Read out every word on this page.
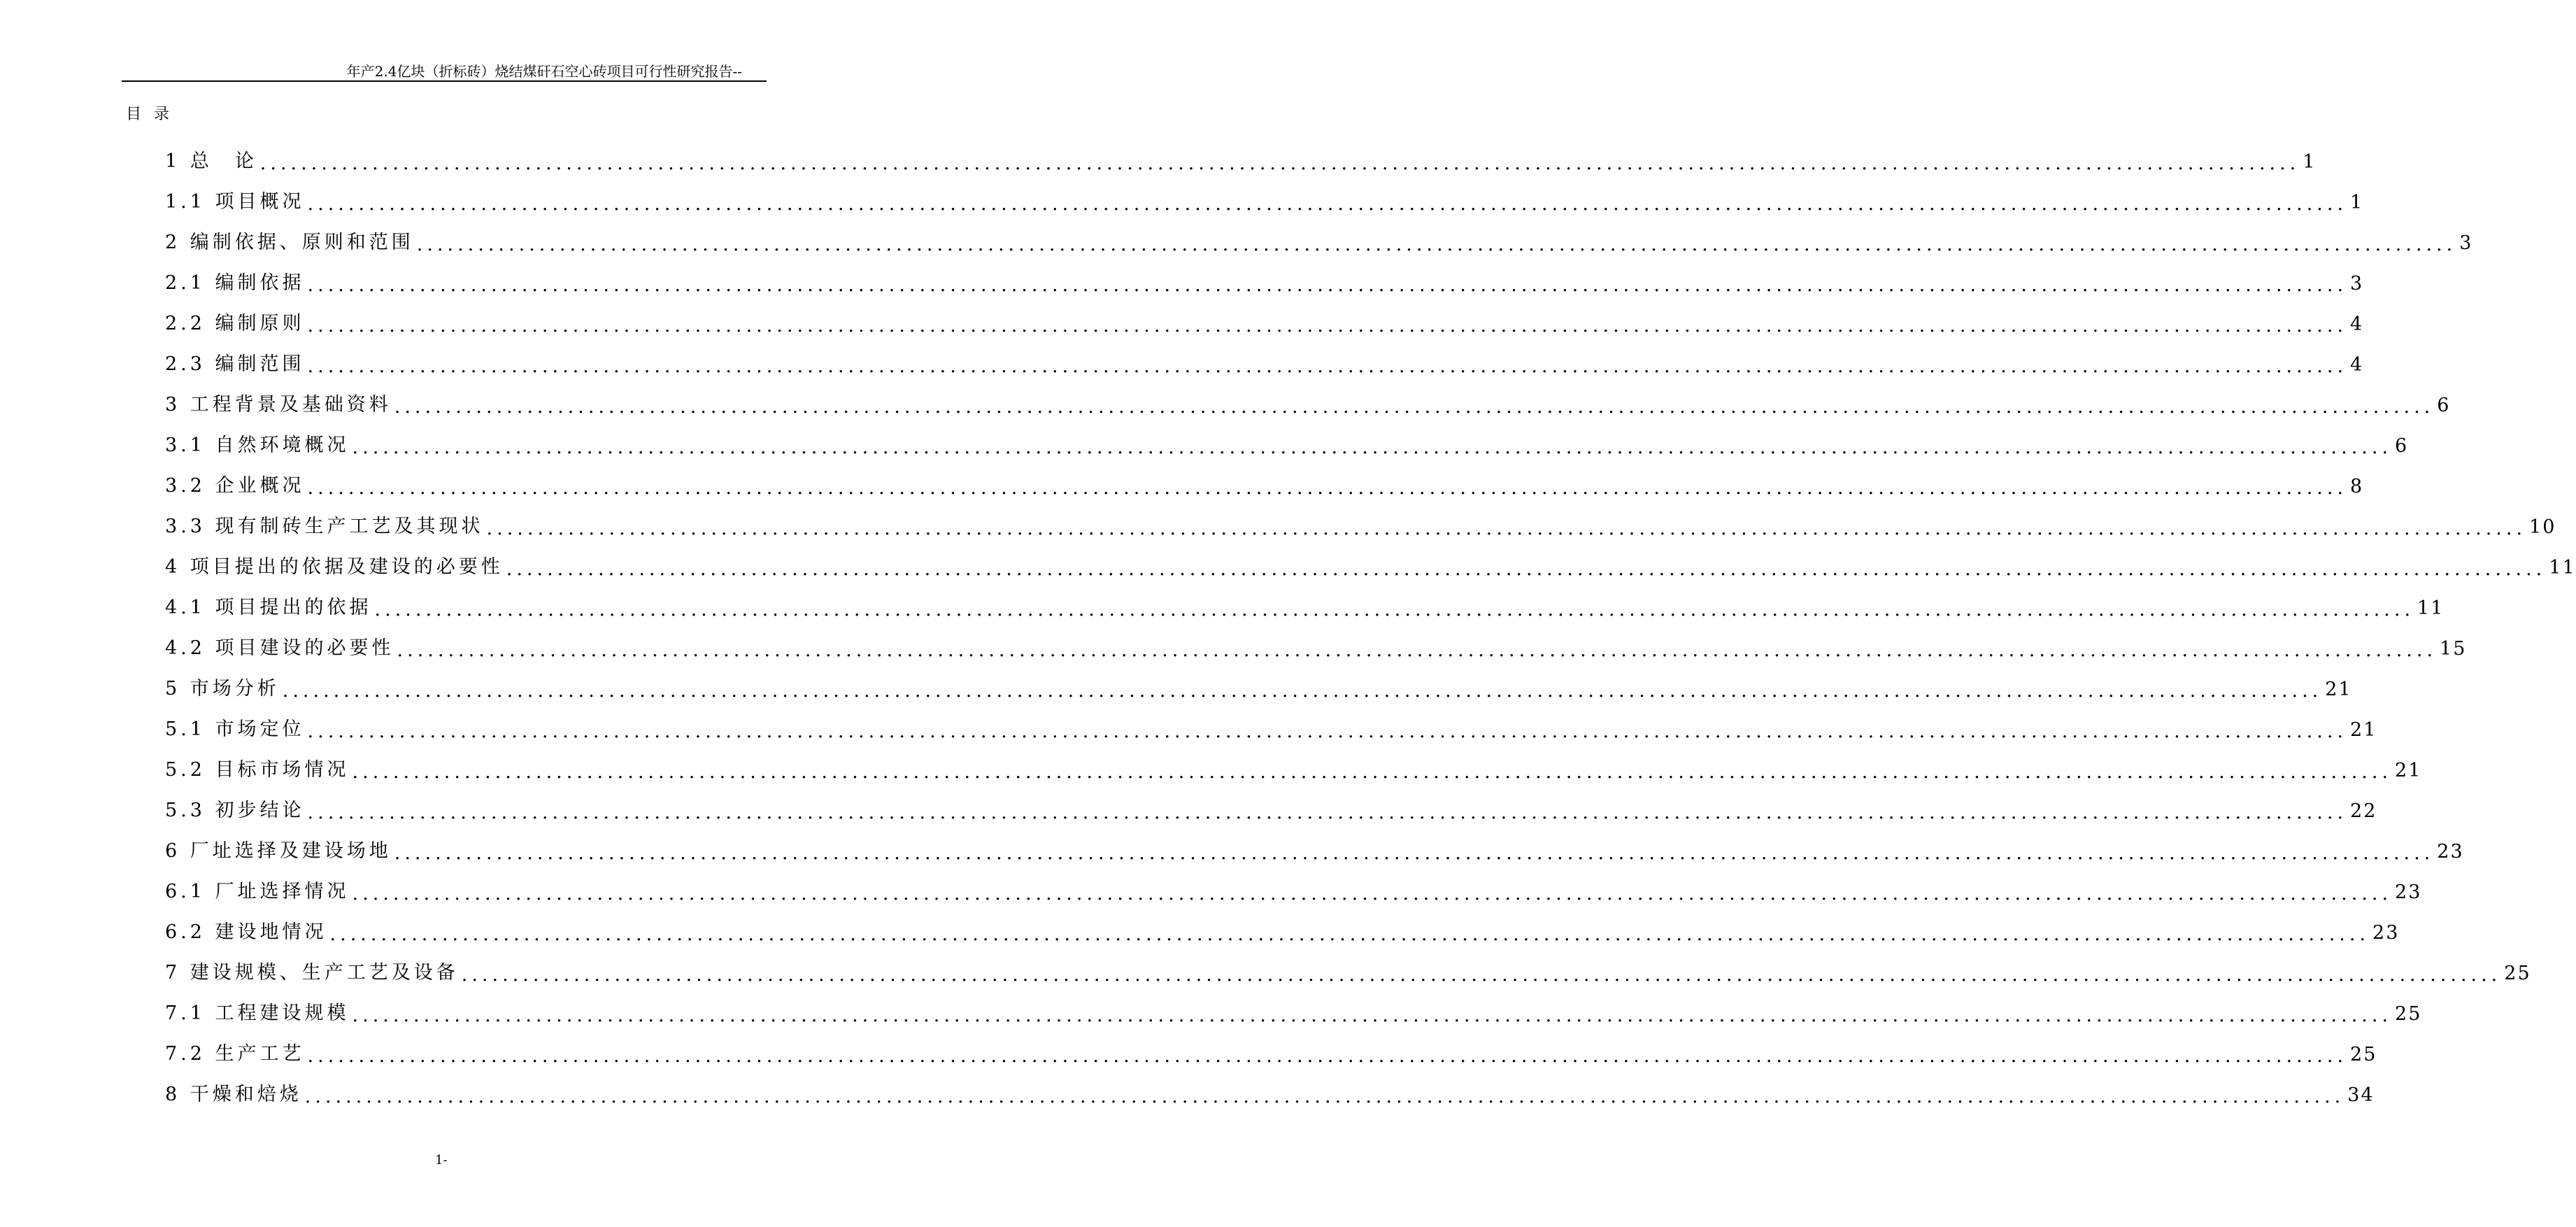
年产2.4亿块（折标砖）烧结煤矸石空心砖项目可行性研究报告--
目录
1 总　论 ........................................................................................................................................................................................................ 1
1.1 项目概况 ........................................................................................................................................................................................................ 1
2 编制依据、原则和范围 ........................................................................................................................................................................................................ 3
2.1 编制依据 ........................................................................................................................................................................................................ 3
2.2 编制原则 ........................................................................................................................................................................................................ 4
2.3 编制范围 ........................................................................................................................................................................................................ 4
3 工程背景及基础资料 ........................................................................................................................................................................................................ 6
3.1 自然环境概况 ........................................................................................................................................................................................................ 6
3.2 企业概况 ........................................................................................................................................................................................................ 8
3.3 现有制砖生产工艺及其现状 ........................................................................................................................................................................................................ 10
4 项目提出的依据及建设的必要性 ........................................................................................................................................................................................................ 11
4.1 项目提出的依据 ........................................................................................................................................................................................................ 11
4.2 项目建设的必要性 ........................................................................................................................................................................................................ 15
5 市场分析 ........................................................................................................................................................................................................ 21
5.1 市场定位 ........................................................................................................................................................................................................ 21
5.2 目标市场情况 ........................................................................................................................................................................................................ 21
5.3 初步结论 ........................................................................................................................................................................................................ 22
6 厂址选择及建设场地 ........................................................................................................................................................................................................ 23
6.1 厂址选择情况 ........................................................................................................................................................................................................ 23
6.2 建设地情况 ........................................................................................................................................................................................................ 23
7 建设规模、生产工艺及设备 ........................................................................................................................................................................................................ 25
7.1 工程建设规模 ........................................................................................................................................................................................................ 25
7.2 生产工艺 ........................................................................................................................................................................................................ 25
8 干燥和焙烧 ........................................................................................................................................................................................................ 34
1-
